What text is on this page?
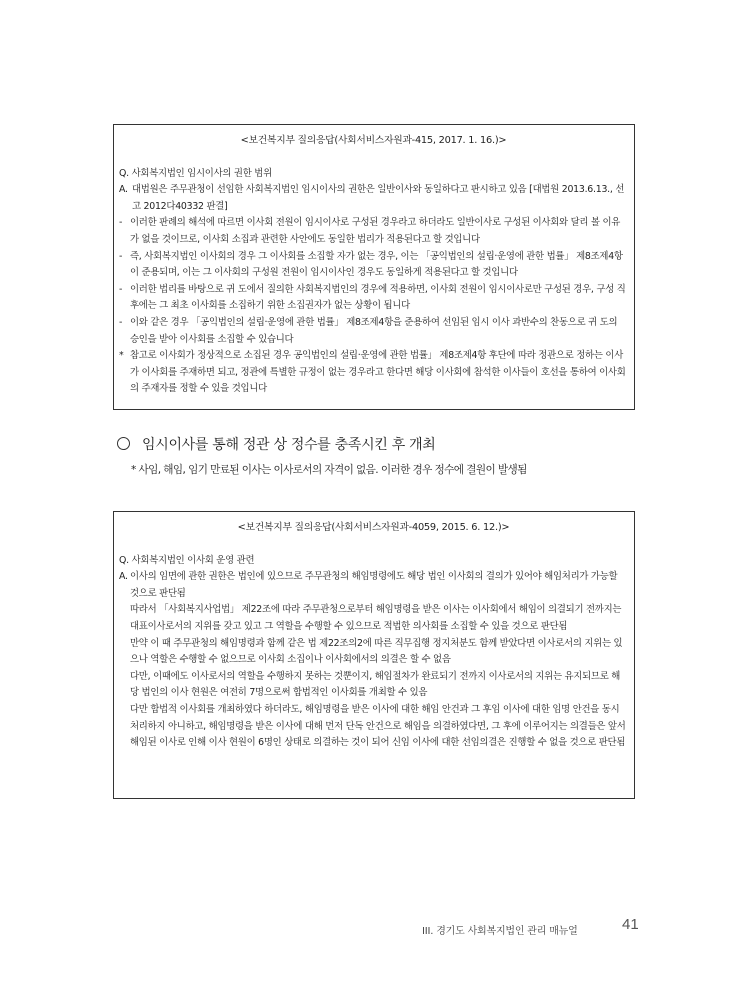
<보건복지부 질의응답(사회서비스자원과-415, 2017. 1. 16.)>

Q. 사회복지법인 임시이사의 권한 범위

A. 대법원은 주무관청이 선임한 사회복지법인 임시이사의 권한은 일반이사와 동일하다고 판시하고 있음 [대법원 2013.6.13., 선고 2012다40332 판결]
- 이러한 판례의 해석에 따르면 이사회 전원이 임시이사로 구성된 경우라고 하더라도 일반이사로 구성된 이사회와 달리 볼 이유가 없을 것이므로, 이사회 소집과 관련한 사안에도 동일한 법리가 적용된다고 할 것입니다
- 즉, 사회복지법인 이사회의 경우 그 이사회를 소집할 자가 없는 경우, 이는 「공익법인의 설립·운영에 관한 법률」 제8조제4항이 준용되며, 이는 그 이사회의 구성원 전원이 임시이사인 경우도 동일하게 적용된다고 할 것입니다
- 이러한 법리를 바탕으로 귀 도에서 질의한 사회복지법인의 경우에 적용하면, 이사회 전원이 임시이사로만 구성된 경우, 구성 직후에는 그 최초 이사회를 소집하기 위한 소집권자가 없는 상황이 됩니다
- 이와 같은 경우 「공익법인의 설립·운영에 관한 법률」 제8조제4항을 준용하여 선임된 임시 이사 과반수의 찬동으로 귀 도의 승인을 받아 이사회를 소집할 수 있습니다
* 참고로 이사회가 정상적으로 소집된 경우 공익법인의 설립·운영에 관한 법률」 제8조제4항 후단에 따라 정관으로 정하는 이사가 이사회를 주재하면 되고, 정관에 특별한 규정이 없는 경우라고 한다면 해당 이사회에 참석한 이사들이 호선을 통하여 이사회의 주재자를 정할 수 있을 것입니다
임시이사를 통해 정관 상 정수를 충족시킨 후 개최
* 사임, 해임, 임기 만료된 이사는 이사로서의 자격이 없음. 이러한 경우 정수에 결원이 발생됨

<보건복지부 질의응답(사회서비스자원과-4059, 2015. 6. 12.)>

Q. 사회복지법인 이사회 운영 관련

A. 이사의 임면에 관한 권한은 법인에 있으므로 주무관청의 해임명령에도 해당 법인 이사회의 결의가 있어야 해임처리가 가능할 것으로 판단됨
따라서 「사회복지사업법」 제22조에 따라 주무관청으로부터 해임명령을 받은 이사는 이사회에서 해임이 의결되기 전까지는 대표이사로서의 지위를 갖고 있고 그 역할을 수행할 수 있으므로 적법한 의사회를 소집할 수 있을 것으로 판단됨
만약 이 때 주무관청의 해임명령과 함께 같은 법 제22조의2에 따른 직무집행 정지처분도 함께 받았다면 이사로서의 지위는 있으나 역할은 수행할 수 없으므로 이사회 소집이나 이사회에서의 의결은 할 수 없음
다만, 이때에도 이사로서의 역할을 수행하지 못하는 것뿐이지, 해임절차가 완료되기 전까지 이사로서의 지위는 유지되므로 해당 법인의 이사 현원은 여전히 7명으로써 합법적인 이사회를 개최할 수 있음
다만 합법적 이사회를 개최하였다 하더라도, 해임명령을 받은 이사에 대한 해임 안건과 그 후임 이사에 대한 임명 안건을 동시 처리하지 아니하고, 해임명령을 받은 이사에 대해 먼저 단독 안건으로 해임을 의결하였다면, 그 후에 이루어지는 의결들은 앞서 해임된 이사로 인해 이사 현원이 6명인 상태로 의결하는 것이 되어 신임 이사에 대한 선임의결은 진행할 수 없을 것으로 판단됨
III. 경기도 사회복지법인 관리 매뉴얼	41
